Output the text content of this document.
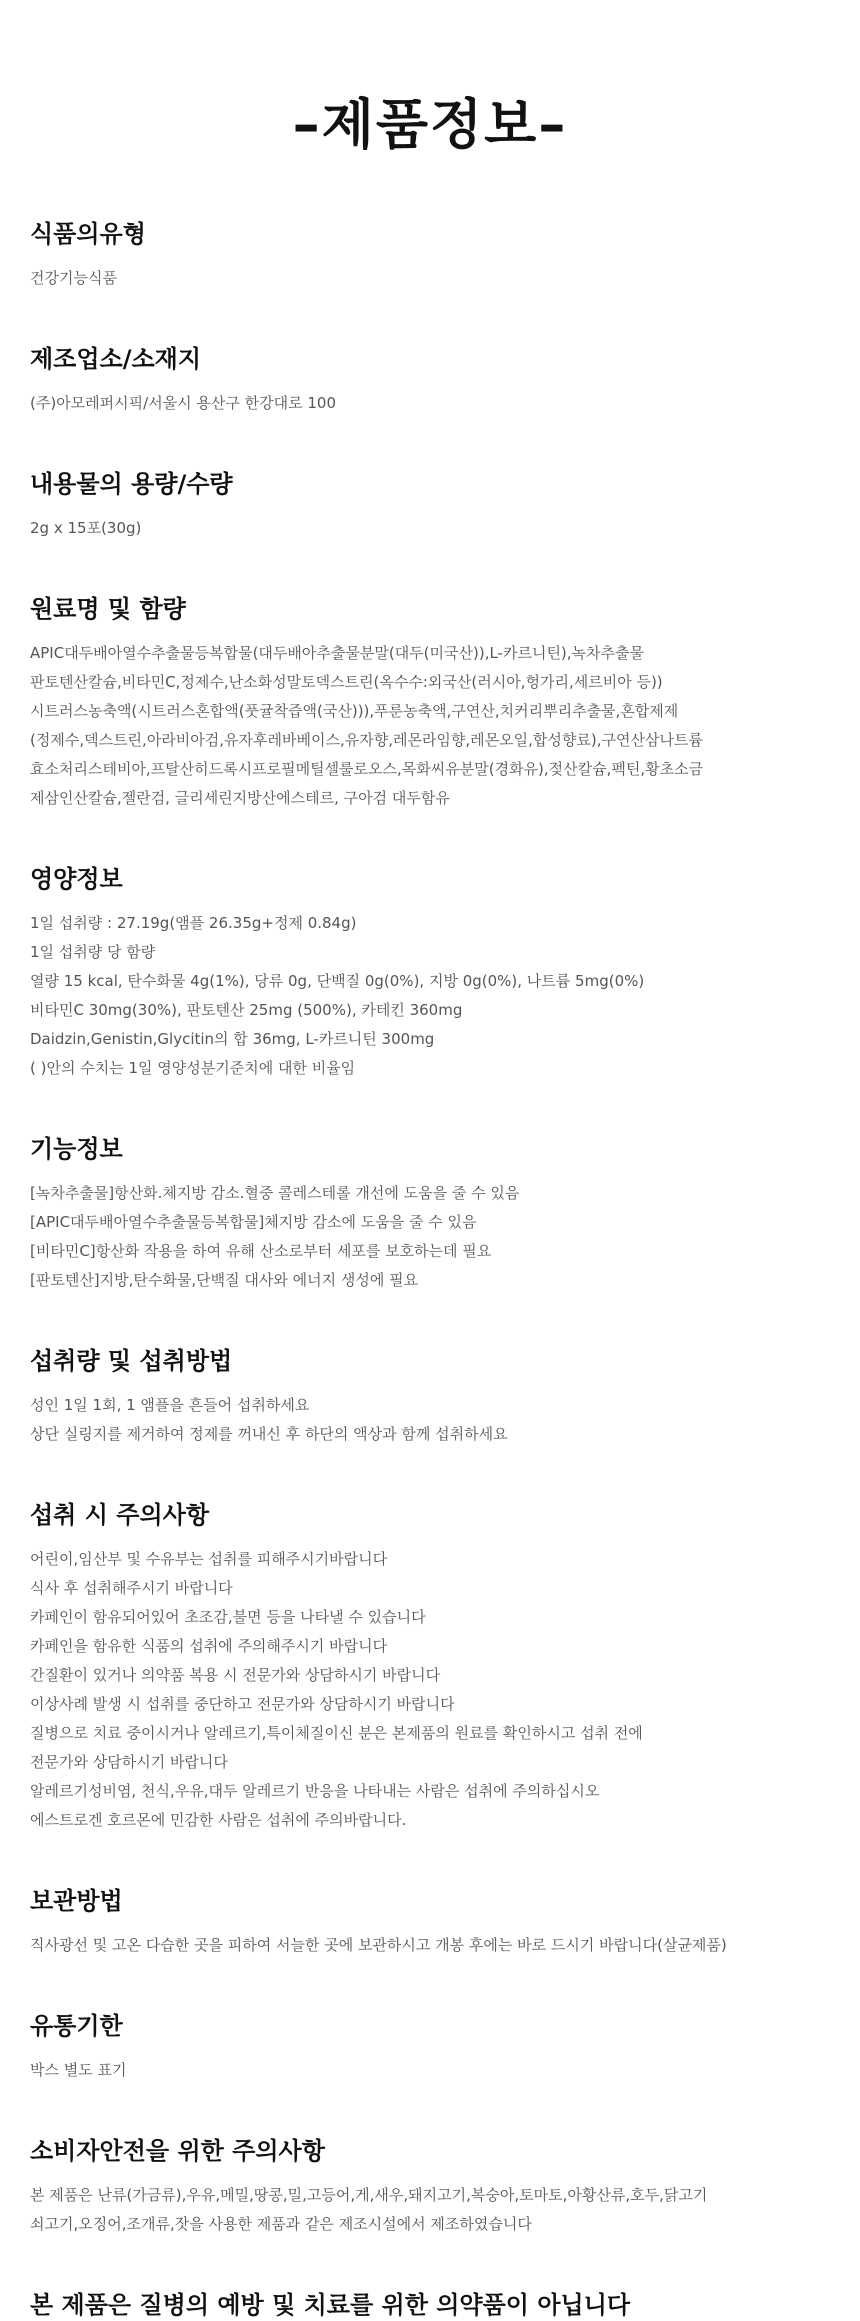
–제품정보–
식품의유형
건강기능식품
제조업소/소재지
(주)아모레퍼시픽/서울시 용산구 한강대로 100
내용물의 용량/수량
2g x 15포(30g)
원료명 및 함량
APIC대두배아열수추출물등복합물(대두배아추출물분말(대두(미국산)),L-카르니틴),녹차추출물
판토텐산칼슘,비타민C,정제수,난소화성말토덱스트린(옥수수:외국산(러시아,헝가리,세르비아 등))
시트러스농축액(시트러스혼합액(풋귤착즙액(국산))),푸룬농축액,구연산,치커리뿌리추출물,혼합제제
(정제수,덱스트린,아라비아검,유자후레바베이스,유자향,레몬라임향,레몬오일,합성향료),구연산삼나트륨
효소처리스테비아,프탈산히드록시프로필메틸셀룰로오스,목화씨유분말(경화유),젖산칼슘,펙틴,황초소금
제삼인산칼슘,젤란검, 글리세린지방산에스테르, 구아검 대두함유
영양정보
1일 섭취량 : 27.19g(앰플 26.35g+정제 0.84g)
1일 섭취량 당 함량
열량 15 kcal, 탄수화물 4g(1%), 당류 0g, 단백질 0g(0%), 지방 0g(0%), 나트륨 5mg(0%)
비타민C 30mg(30%), 판토텐산 25mg (500%), 카테킨 360mg
Daidzin,Genistin,Glycitin의 합 36mg, L-카르니틴 300mg
( )안의 수치는 1일 영양성분기준치에 대한 비율임
기능정보
[녹차추출물]항산화.체지방 감소.혈중 콜레스테롤 개선에 도움을 줄 수 있음
[APIC대두배아열수추출물등복합물]체지방 감소에 도움을 줄 수 있음
[비타민C]항산화 작용을 하여 유해 산소로부터 세포를 보호하는데 필요
[판토텐산]지방,탄수화물,단백질 대사와 에너지 생성에 필요
섭취량 및 섭취방법
성인 1일 1회, 1 앰플을 흔들어 섭취하세요
상단 실링지를 제거하여 정제를 꺼내신 후 하단의 액상과 함께 섭취하세요
섭취 시 주의사항
어린이,임산부 및 수유부는 섭취를 피해주시기바랍니다
식사 후 섭취해주시기 바랍니다
카페인이 함유되어있어 초조감,불면 등을 나타낼 수 있습니다
카페인을 함유한 식품의 섭취에 주의해주시기 바랍니다
간질환이 있거나 의약품 복용 시 전문가와 상담하시기 바랍니다
이상사례 발생 시 섭취를 중단하고 전문가와 상담하시기 바랍니다
질병으로 치료 중이시거나 알레르기,특이체질이신 분은 본제품의 원료를 확인하시고 섭취 전에
전문가와 상담하시기 바랍니다
알레르기성비염, 천식,우유,대두 알레르기 반응을 나타내는 사람은 섭취에 주의하십시오
에스트로겐 호르몬에 민감한 사람은 섭취에 주의바랍니다.
보관방법
직사광선 및 고온 다습한 곳을 피하여 서늘한 곳에 보관하시고 개봉 후에는 바로 드시기 바랍니다(살균제품)
유통기한
박스 별도 표기
소비자안전을 위한 주의사항
본 제품은 난류(가금류),우유,메밀,땅콩,밀,고등어,게,새우,돼지고기,복숭아,토마토,아황산류,호두,닭고기
쇠고기,오징어,조개류,잣을 사용한 제품과 같은 제조시설에서 제조하였습니다
본 제품은 질병의 예방 및 치료를 위한 의약품이 아닙니다
